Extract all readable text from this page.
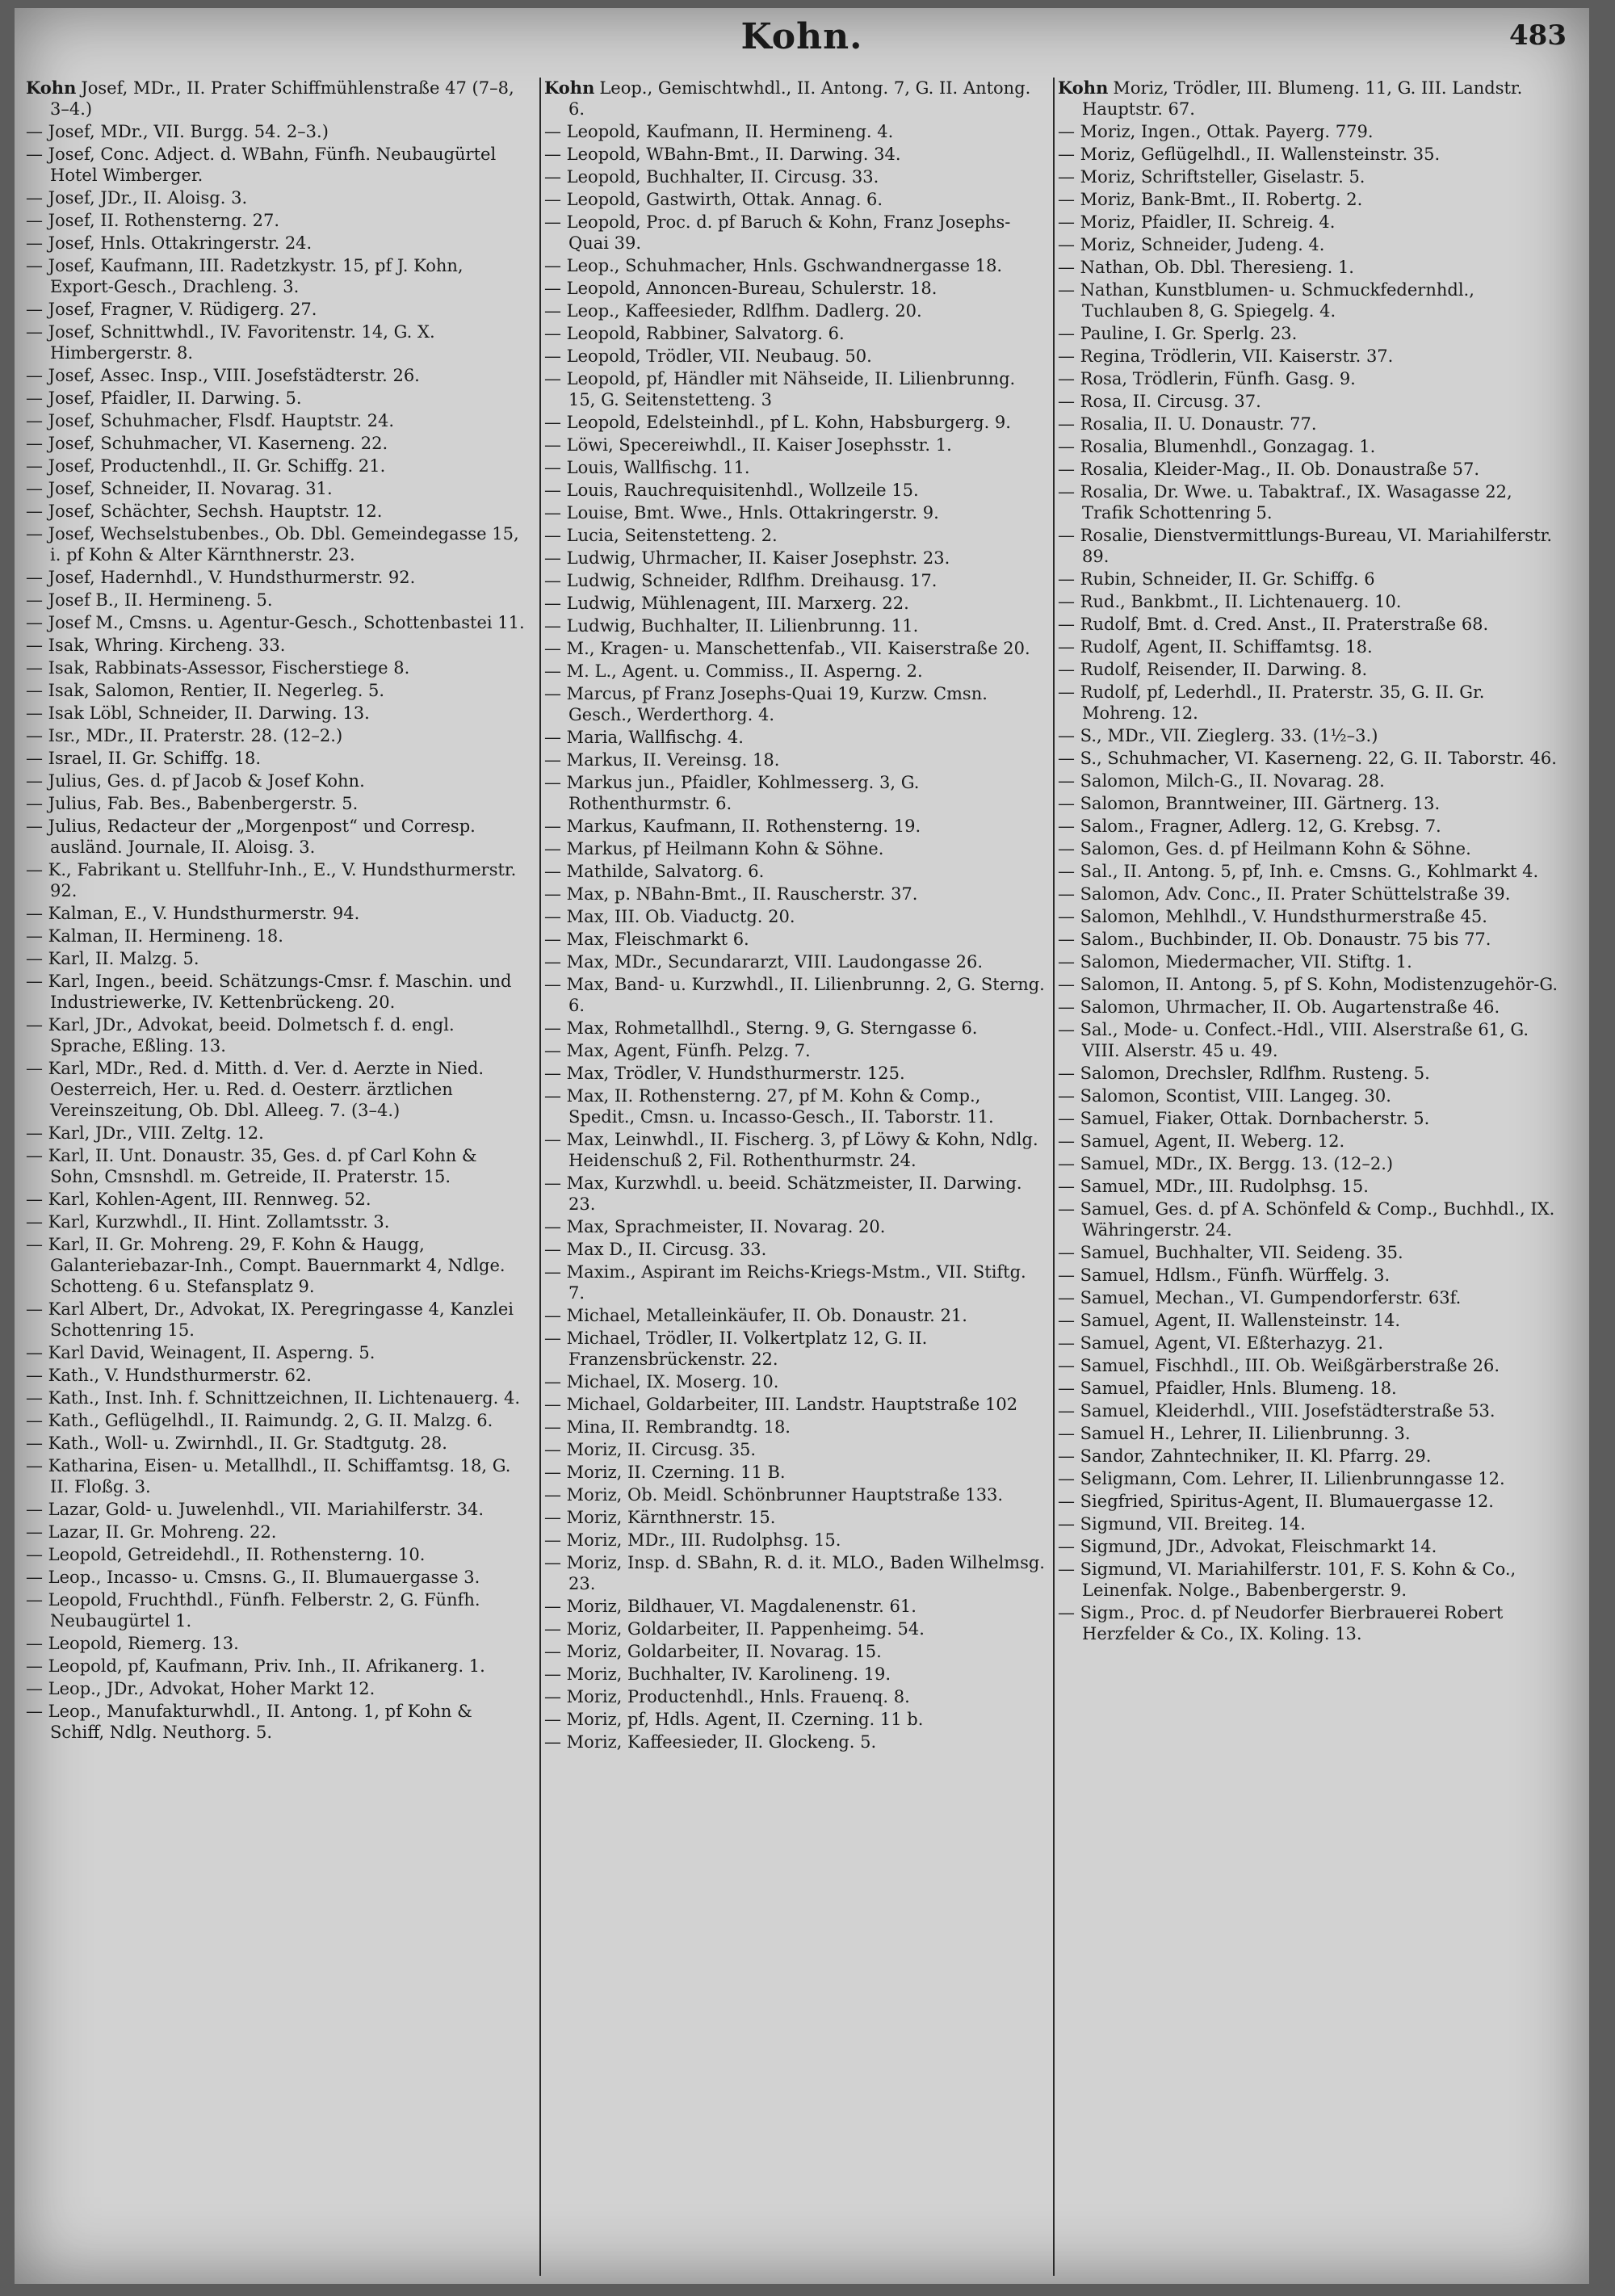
Kohn.	483
Kohn Josef, MDr., II. Prater Schiffmühlenstraße 47 (7–8, 3–4.)
— Josef, MDr., VII. Burgg. 54. 2–3.)
— Josef, Conc. Adject. d. WBahn, Fünfh. Neubaugürtel Hotel Wimberger.
— Josef, JDr., II. Aloisg. 3.
— Josef, II. Rothensterng. 27.
— Josef, Hnls. Ottakringerstr. 24.
— Josef, Kaufmann, III. Radetzkystr. 15, pf J. Kohn, Export-Gesch., Drachleng. 3.
— Josef, Fragner, V. Rüdigerg. 27.
— Josef, Schnittwhdl., IV. Favoritenstr. 14, G. X. Himbergerstr. 8.
— Josef, Assec. Insp., VIII. Josefstädterstr. 26.
— Josef, Pfaidler, II. Darwing. 5.
— Josef, Schuhmacher, Flsdf. Hauptstr. 24.
— Josef, Schuhmacher, VI. Kaserneng. 22.
— Josef, Productenhdl., II. Gr. Schiffg. 21.
— Josef, Schneider, II. Novarag. 31.
— Josef, Schächter, Sechsh. Hauptstr. 12.
— Josef, Wechselstubenbes., Ob. Dbl. Gemeindegasse 15, i. pf Kohn & Alter Kärnthnerstr. 23.
— Josef, Hadernhdl., V. Hundsthurmerstr. 92.
— Josef B., II. Hermineng. 5.
— Josef M., Cmsns. u. Agentur-Gesch., Schottenbastei 11.
— Isak, Whring. Kircheng. 33.
— Isak, Rabbinats-Assessor, Fischerstiege 8.
— Isak, Salomon, Rentier, II. Negerleg. 5.
— Isak Löbl, Schneider, II. Darwing. 13.
— Isr., MDr., II. Praterstr. 28. (12–2.)
— Israel, II. Gr. Schiffg. 18.
— Julius, Ges. d. pf Jacob & Josef Kohn.
— Julius, Fab. Bes., Babenbergerstr. 5.
— Julius, Redacteur der „Morgenpost“ und Corresp. ausländ. Journale, II. Aloisg. 3.
— K., Fabrikant u. Stellfuhr-Inh., E., V. Hundsthurmerstr. 92.
— Kalman, E., V. Hundsthurmerstr. 94.
— Kalman, II. Hermineng. 18.
— Karl, II. Malzg. 5.
— Karl, Ingen., beeid. Schätzungs-Cmsr. f. Maschin. und Industriewerke, IV. Kettenbrückeng. 20.
— Karl, JDr., Advokat, beeid. Dolmetsch f. d. engl. Sprache, Eßling. 13.
— Karl, MDr., Red. d. Mitth. d. Ver. d. Aerzte in Nied. Oesterreich, Her. u. Red. d. Oesterr. ärztlichen Vereinszeitung, Ob. Dbl. Alleeg. 7. (3–4.)
— Karl, JDr., VIII. Zeltg. 12.
— Karl, II. Unt. Donaustr. 35, Ges. d. pf Carl Kohn & Sohn, Cmsnshdl. m. Getreide, II. Praterstr. 15.
— Karl, Kohlen-Agent, III. Rennweg. 52.
— Karl, Kurzwhdl., II. Hint. Zollamtsstr. 3.
— Karl, II. Gr. Mohreng. 29, F. Kohn & Haugg, Galanteriebazar-Inh., Compt. Bauernmarkt 4, Ndlge. Schotteng. 6 u. Stefansplatz 9.
— Karl Albert, Dr., Advokat, IX. Peregringasse 4, Kanzlei Schottenring 15.
— Karl David, Weinagent, II. Asperng. 5.
— Kath., V. Hundsthurmerstr. 62.
— Kath., Inst. Inh. f. Schnittzeichnen, II. Lichtenauerg. 4.
— Kath., Geflügelhdl., II. Raimundg. 2, G. II. Malzg. 6.
— Kath., Woll- u. Zwirnhdl., II. Gr. Stadtgutg. 28.
— Katharina, Eisen- u. Metallhdl., II. Schiffamtsg. 18, G. II. Floßg. 3.
— Lazar, Gold- u. Juwelenhdl., VII. Mariahilferstr. 34.
— Lazar, II. Gr. Mohreng. 22.
— Leopold, Getreidehdl., II. Rothensterng. 10.
— Leop., Incasso- u. Cmsns. G., II. Blumauergasse 3.
— Leopold, Fruchthdl., Fünfh. Felberstr. 2, G. Fünfh. Neubaugürtel 1.
— Leopold, Riemerg. 13.
— Leopold, pf, Kaufmann, Priv. Inh., II. Afrikanerg. 1.
— Leop., JDr., Advokat, Hoher Markt 12.
— Leop., Manufakturwhdl., II. Antong. 1, pf Kohn & Schiff, Ndlg. Neuthorg. 5.
Kohn Leop., Gemischtwhdl., II. Antong. 7, G. II. Antong. 6.
— Leopold, Kaufmann, II. Hermineng. 4.
— Leopold, WBahn-Bmt., II. Darwing. 34.
— Leopold, Buchhalter, II. Circusg. 33.
— Leopold, Gastwirth, Ottak. Annag. 6.
— Leopold, Proc. d. pf Baruch & Kohn, Franz Josephs-Quai 39.
— Leop., Schuhmacher, Hnls. Gschwandnergasse 18.
— Leopold, Annoncen-Bureau, Schulerstr. 18.
— Leop., Kaffeesieder, Rdlfhm. Dadlerg. 20.
— Leopold, Rabbiner, Salvatorg. 6.
— Leopold, Trödler, VII. Neubaug. 50.
— Leopold, pf, Händler mit Nähseide, II. Lilienbrunng. 15, G. Seitenstetteng. 3
— Leopold, Edelsteinhdl., pf L. Kohn, Habsburgerg. 9.
— Löwi, Specereiwhdl., II. Kaiser Josephsstr. 1.
— Louis, Wallfischg. 11.
— Louis, Rauchrequisitenhdl., Wollzeile 15.
— Louise, Bmt. Wwe., Hnls. Ottakringerstr. 9.
— Lucia, Seitenstetteng. 2.
— Ludwig, Uhrmacher, II. Kaiser Josephstr. 23.
— Ludwig, Schneider, Rdlfhm. Dreihausg. 17.
— Ludwig, Mühlenagent, III. Marxerg. 22.
— Ludwig, Buchhalter, II. Lilienbrunng. 11.
— M., Kragen- u. Manschettenfab., VII. Kaiserstraße 20.
— M. L., Agent. u. Commiss., II. Asperng. 2.
— Marcus, pf Franz Josephs-Quai 19, Kurzw. Cmsn. Gesch., Werderthorg. 4.
— Maria, Wallfischg. 4.
— Markus, II. Vereinsg. 18.
— Markus jun., Pfaidler, Kohlmesserg. 3, G. Rothenthurmstr. 6.
— Markus, Kaufmann, II. Rothensterng. 19.
— Markus, pf Heilmann Kohn & Söhne.
— Mathilde, Salvatorg. 6.
— Max, p. NBahn-Bmt., II. Rauscherstr. 37.
— Max, III. Ob. Viaductg. 20.
— Max, Fleischmarkt 6.
— Max, MDr., Secundararzt, VIII. Laudongasse 26.
— Max, Band- u. Kurzwhdl., II. Lilienbrunng. 2, G. Sterng. 6.
— Max, Rohmetallhdl., Sterng. 9, G. Sterngasse 6.
— Max, Agent, Fünfh. Pelzg. 7.
— Max, Trödler, V. Hundsthurmerstr. 125.
— Max, II. Rothensterng. 27, pf M. Kohn & Comp., Spedit., Cmsn. u. Incasso-Gesch., II. Taborstr. 11.
— Max, Leinwhdl., II. Fischerg. 3, pf Löwy & Kohn, Ndlg. Heidenschuß 2, Fil. Rothenthurmstr. 24.
— Max, Kurzwhdl. u. beeid. Schätzmeister, II. Darwing. 23.
— Max, Sprachmeister, II. Novarag. 20.
— Max D., II. Circusg. 33.
— Maxim., Aspirant im Reichs-Kriegs-Mstm., VII. Stiftg. 7.
— Michael, Metalleinkäufer, II. Ob. Donaustr. 21.
— Michael, Trödler, II. Volkertplatz 12, G. II. Franzensbrückenstr. 22.
— Michael, IX. Moserg. 10.
— Michael, Goldarbeiter, III. Landstr. Hauptstraße 102
— Mina, II. Rembrandtg. 18.
— Moriz, II. Circusg. 35.
— Moriz, II. Czerning. 11 B.
— Moriz, Ob. Meidl. Schönbrunner Hauptstraße 133.
— Moriz, Kärnthnerstr. 15.
— Moriz, MDr., III. Rudolphsg. 15.
— Moriz, Insp. d. SBahn, R. d. it. MLO., Baden Wilhelmsg. 23.
— Moriz, Bildhauer, VI. Magdalenenstr. 61.
— Moriz, Goldarbeiter, II. Pappenheimg. 54.
— Moriz, Goldarbeiter, II. Novarag. 15.
— Moriz, Buchhalter, IV. Karolineng. 19.
— Moriz, Productenhdl., Hnls. Frauenq. 8.
— Moriz, pf, Hdls. Agent, II. Czerning. 11 b.
— Moriz, Kaffeesieder, II. Glockeng. 5.
Kohn Moriz, Trödler, III. Blumeng. 11, G. III. Landstr. Hauptstr. 67.
— Moriz, Ingen., Ottak. Payerg. 779.
— Moriz, Geflügelhdl., II. Wallensteinstr. 35.
— Moriz, Schriftsteller, Giselastr. 5.
— Moriz, Bank-Bmt., II. Robertg. 2.
— Moriz, Pfaidler, II. Schreig. 4.
— Moriz, Schneider, Judeng. 4.
— Nathan, Ob. Dbl. Theresieng. 1.
— Nathan, Kunstblumen- u. Schmuckfedernhdl., Tuchlauben 8, G. Spiegelg. 4.
— Pauline, I. Gr. Sperlg. 23.
— Regina, Trödlerin, VII. Kaiserstr. 37.
— Rosa, Trödlerin, Fünfh. Gasg. 9.
— Rosa, II. Circusg. 37.
— Rosalia, II. U. Donaustr. 77.
— Rosalia, Blumenhdl., Gonzagag. 1.
— Rosalia, Kleider-Mag., II. Ob. Donaustraße 57.
— Rosalia, Dr. Wwe. u. Tabaktraf., IX. Wasagasse 22, Trafik Schottenring 5.
— Rosalie, Dienstvermittlungs-Bureau, VI. Mariahilferstr. 89.
— Rubin, Schneider, II. Gr. Schiffg. 6
— Rud., Bankbmt., II. Lichtenauerg. 10.
— Rudolf, Bmt. d. Cred. Anst., II. Praterstraße 68.
— Rudolf, Agent, II. Schiffamtsg. 18.
— Rudolf, Reisender, II. Darwing. 8.
— Rudolf, pf, Lederhdl., II. Praterstr. 35, G. II. Gr. Mohreng. 12.
— S., MDr., VII. Zieglerg. 33. (1½–3.)
— S., Schuhmacher, VI. Kaserneng. 22, G. II. Taborstr. 46.
— Salomon, Milch-G., II. Novarag. 28.
— Salomon, Branntweiner, III. Gärtnerg. 13.
— Salom., Fragner, Adlerg. 12, G. Krebsg. 7.
— Salomon, Ges. d. pf Heilmann Kohn & Söhne.
— Sal., II. Antong. 5, pf, Inh. e. Cmsns. G., Kohlmarkt 4.
— Salomon, Adv. Conc., II. Prater Schüttelstraße 39.
— Salomon, Mehlhdl., V. Hundsthurmerstraße 45.
— Salom., Buchbinder, II. Ob. Donaustr. 75 bis 77.
— Salomon, Miedermacher, VII. Stiftg. 1.
— Salomon, II. Antong. 5, pf S. Kohn, Modistenzugehör-G.
— Salomon, Uhrmacher, II. Ob. Augartenstraße 46.
— Sal., Mode- u. Confect.-Hdl., VIII. Alserstraße 61, G. VIII. Alserstr. 45 u. 49.
— Salomon, Drechsler, Rdlfhm. Rusteng. 5.
— Salomon, Scontist, VIII. Langeg. 30.
— Samuel, Fiaker, Ottak. Dornbacherstr. 5.
— Samuel, Agent, II. Weberg. 12.
— Samuel, MDr., IX. Bergg. 13. (12–2.)
— Samuel, MDr., III. Rudolphsg. 15.
— Samuel, Ges. d. pf A. Schönfeld & Comp., Buchhdl., IX. Währingerstr. 24.
— Samuel, Buchhalter, VII. Seideng. 35.
— Samuel, Hdlsm., Fünfh. Würffelg. 3.
— Samuel, Mechan., VI. Gumpendorferstr. 63f.
— Samuel, Agent, II. Wallensteinstr. 14.
— Samuel, Agent, VI. Eßterhazyg. 21.
— Samuel, Fischhdl., III. Ob. Weißgärberstraße 26.
— Samuel, Pfaidler, Hnls. Blumeng. 18.
— Samuel, Kleiderhdl., VIII. Josefstädterstraße 53.
— Samuel H., Lehrer, II. Lilienbrunng. 3.
— Sandor, Zahntechniker, II. Kl. Pfarrg. 29.
— Seligmann, Com. Lehrer, II. Lilienbrunngasse 12.
— Siegfried, Spiritus-Agent, II. Blumauergasse 12.
— Sigmund, VII. Breiteg. 14.
— Sigmund, JDr., Advokat, Fleischmarkt 14.
— Sigmund, VI. Mariahilferstr. 101, F. S. Kohn & Co., Leinenfak. Nolge., Babenbergerstr. 9.
— Sigm., Proc. d. pf Neudorfer Bierbrauerei Robert Herzfelder & Co., IX. Koling. 13.
